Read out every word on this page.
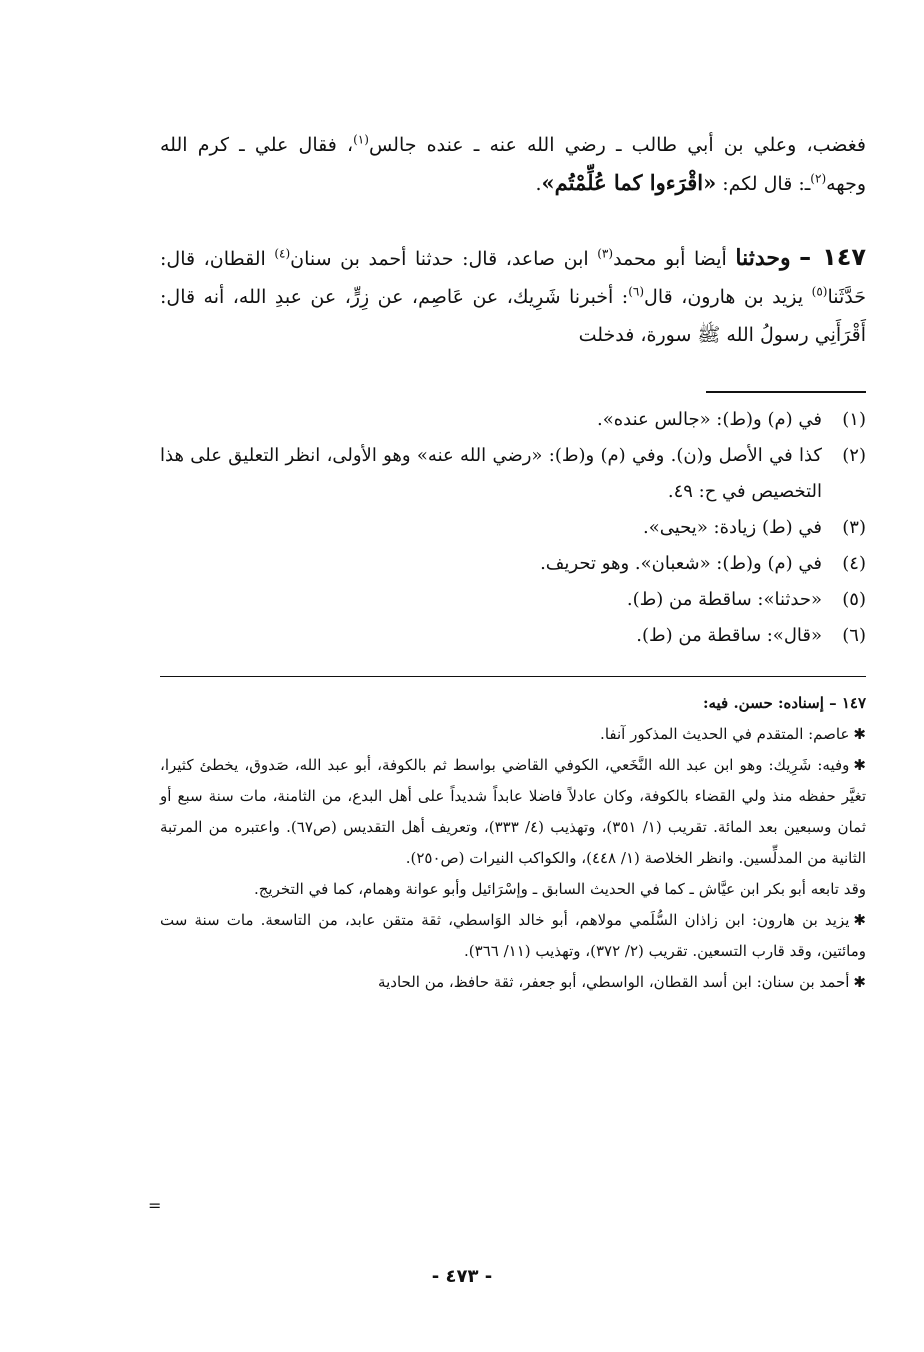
فغضب، وعلي بن أبي طالب ـ رضي الله عنه ـ عنده جالس$^{(١)}$، فقال علي ـ كرم الله وجهه$^{(٢)}$ـ: قال لكم: «اقْرَءوا كما عُلِّمْتُم».

١٤٧ – وحدثنا أيضا أبو محمد$^{(٣)}$ ابن صاعد، قال: حدثنا أحمد بن سنان$^{(٤)}$ القطان، قال: حَدَّثَنا$^{(٥)}$ يزيد بن هارون، قال$^{(٦)}$: أخبرنا شَرِيك، عن عَاصِم، عن زِرٍّ، عن عبدِ الله، أنه قال: أَقْرَأَنِي رسولُ الله ﷺ سورة، فدخلت

(١)
في (م) و(ط): «جالس عنده».
(٢)
كذا في الأصل و(ن). وفي (م) و(ط): «رضي الله عنه» وهو الأولى، انظر التعليق على هذا التخصيص في ح: ٤٩.
(٣)
في (ط) زيادة: «يحيى».
(٤)
في (م) و(ط): «شعبان». وهو تحريف.
(٥)
«حدثنا»: ساقطة من (ط).
(٦)
«قال»: ساقطة من (ط).

١٤٧ – إسناده: حسن. فيه:

✱عاصم: المتقدم في الحديث المذكور آنفا.

✱وفيه: شَرِيك: وهو ابن عبد الله النَّخَعي، الكوفي القاضي بواسط ثم بالكوفة، أبو عبد الله، صَدوق، يخطئ كثيرا، تغيَّر حفظه منذ ولي القضاء بالكوفة، وكان عادلاً فاضلا عابداً شديداً على أهل البدع، من الثامنة، مات سنة سبع أو ثمان وسبعين بعد المائة. تقريب (١/ ٣٥١)، وتهذيب (٤/ ٣٣٣)، وتعريف أهل التقديس (ص٦٧). واعتبره من المرتبة الثانية من المدلِّسين. وانظر الخلاصة (١/ ٤٤٨)، والكواكب النيرات (ص٢٥٠).

وقد تابعه أبو بكر ابن عيَّاش ـ كما في الحديث السابق ـ وإسْرَائيل وأبو عوانة وهمام، كما في التخريج.

✱يزيد بن هارون: ابن زاذان السُّلَمي مولاهم، أبو خالد الوَاسطي، ثقة متقن عابد، من التاسعة. مات سنة ست ومائتين، وقد قارب التسعين. تقريب (٢/ ٣٧٢)، وتهذيب (١١/ ٣٦٦).

✱أحمد بن سنان: ابن أسد القطان، الواسطي، أبو جعفر، ثقة حافظ، من الحادية

=
- ٤٧٣ -
